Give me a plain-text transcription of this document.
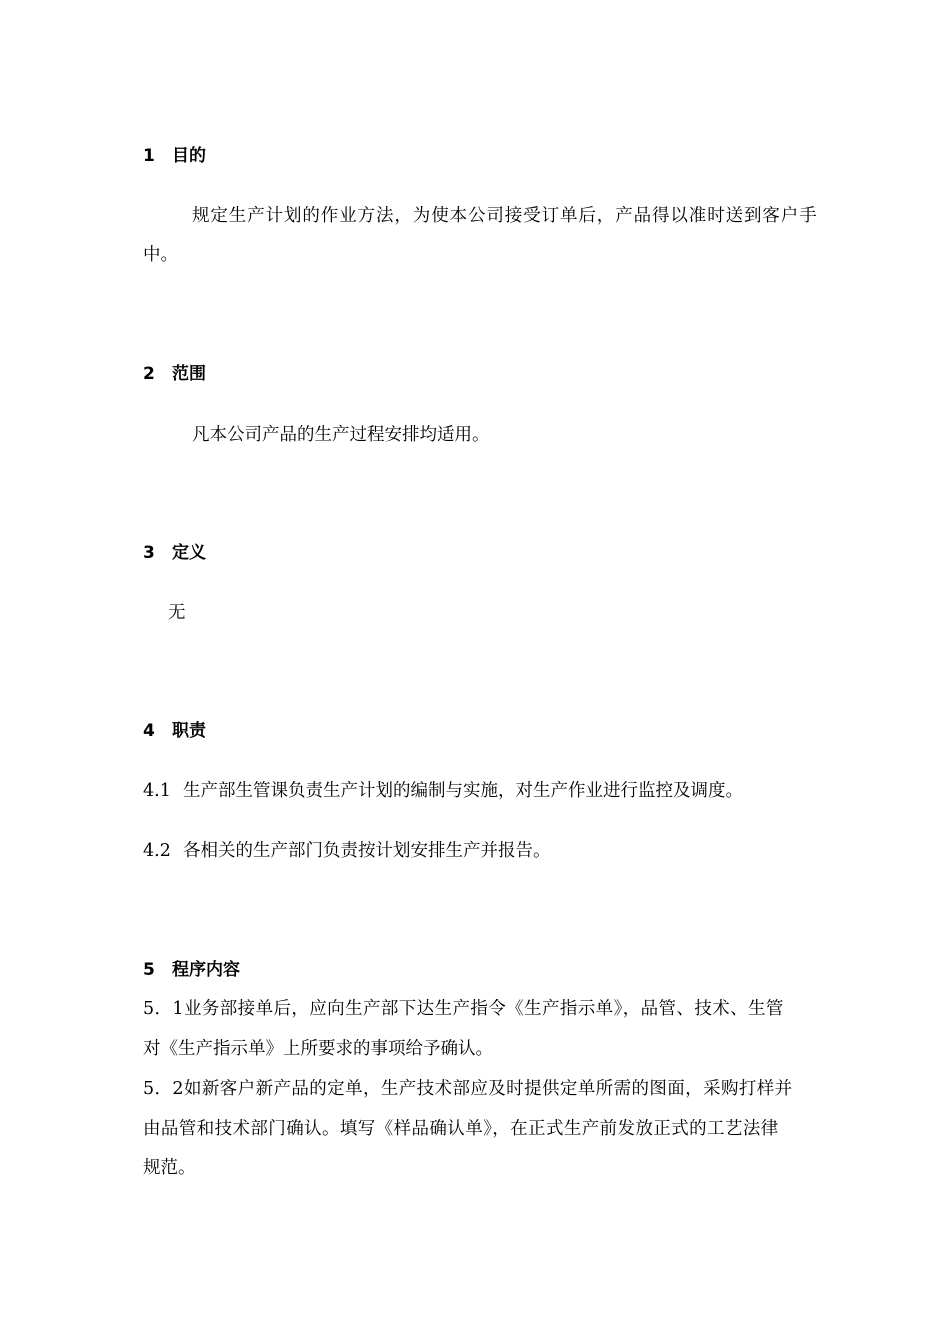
1 目的
规定生产计划的作业方法，为使本公司接受订单后，产品得以准时送到客户手
中。
2 范围
凡本公司产品的生产过程安排均适用。
3 定义
无
4 职责
4.1 生产部生管课负责生产计划的编制与实施，对生产作业进行监控及调度。
4.2 各相关的生产部门负责按计划安排生产并报告。
5 程序内容
5．1业务部接单后，应向生产部下达生产指令《生产指示单》，品管、技术、生管
对《生产指示单》上所要求的事项给予确认。
5．2如新客户新产品的定单，生产技术部应及时提供定单所需的图面，采购打样并
由品管和技术部门确认。填写《样品确认单》，在正式生产前发放正式的工艺法律
规范。
